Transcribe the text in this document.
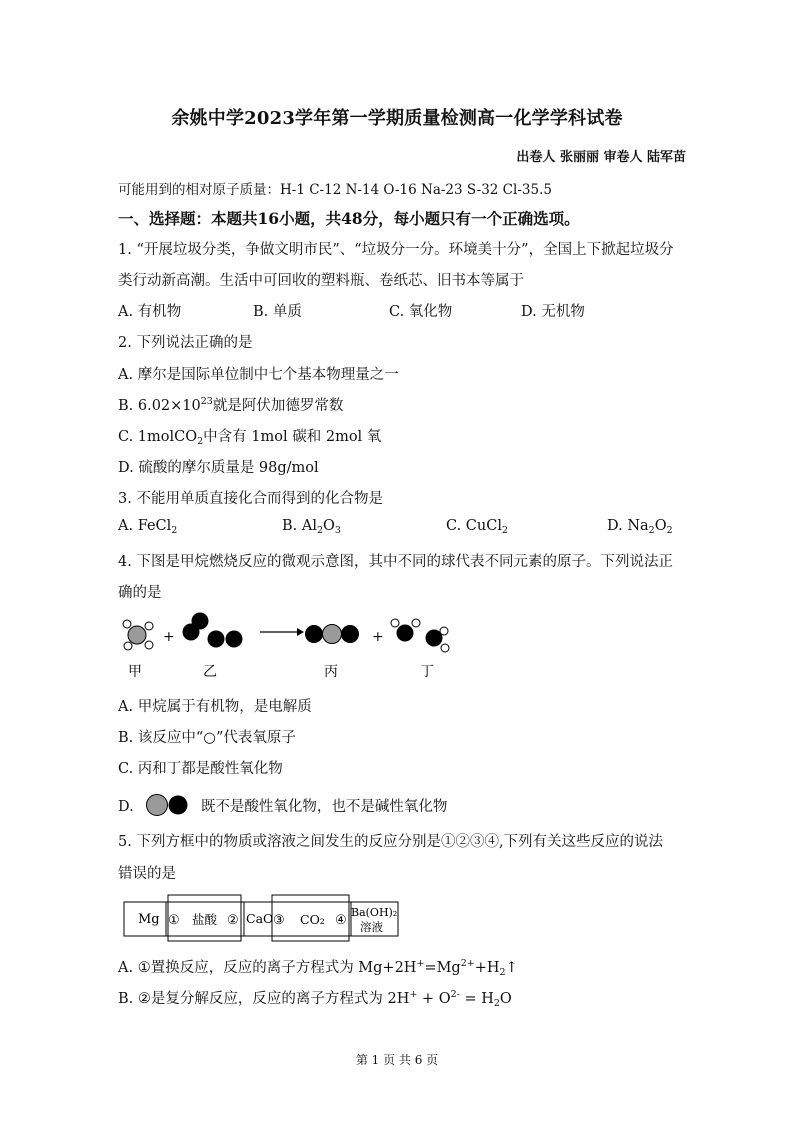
余姚中学2023学年第一学期质量检测高一化学学科试卷
出卷人 张丽丽 审卷人 陆军苗
可能用到的相对原子质量：H-1 C-12 N-14 O-16 Na-23 S-32 Cl-35.5
一、选择题：本题共16小题，共48分，每小题只有一个正确选项。
1. “开展垃圾分类，争做文明市民”、“垃圾分一分。环境美十分”，全国上下掀起垃圾分
类行动新高潮。生活中可回收的塑料瓶、卷纸芯、旧书本等属于
A. 有机物	B. 单质	C. 氧化物	D. 无机物
2. 下列说法正确的是
A. 摩尔是国际单位制中七个基本物理量之一
B. $6.02\times 10^{23}$就是阿伏加德罗常数
C. 1molCO$_2$中含有 1mol 碳和 2mol 氧
D. 硫酸的摩尔质量是 98g/mol
3. 不能用单质直接化合而得到的化合物是
A. FeCl$_2$	B. $Al_2O_3$	C. CuCl$_2$	D. $Na_2O_2$
4. 下图是甲烷燃烧反应的微观示意图，其中不同的球代表不同元素的原子。下列说法正
确的是
+	+
甲	乙	丙	丁
A. 甲烷属于有机物，是电解质
B. 该反应中“○”代表氧原子
C. 丙和丁都是酸性氧化物
D.	既不是酸性氧化物，也不是碱性氧化物
5. 下列方框中的物质或溶液之间发生的反应分别是①②③④,下列有关这些反应的说法
错误的是
Mg ① 盐酸 ② CaO ③ CO₂ ④
Ba(OH)₂
溶液
A. ①置换反应，反应的离子方程式为 $Mg+2H^+=Mg^{2+}+H_2↑$
B. ②是复分解反应，反应的离子方程式为 $2H^+ + O^{2-} = H_2O$
第 1 页 共 6 页
